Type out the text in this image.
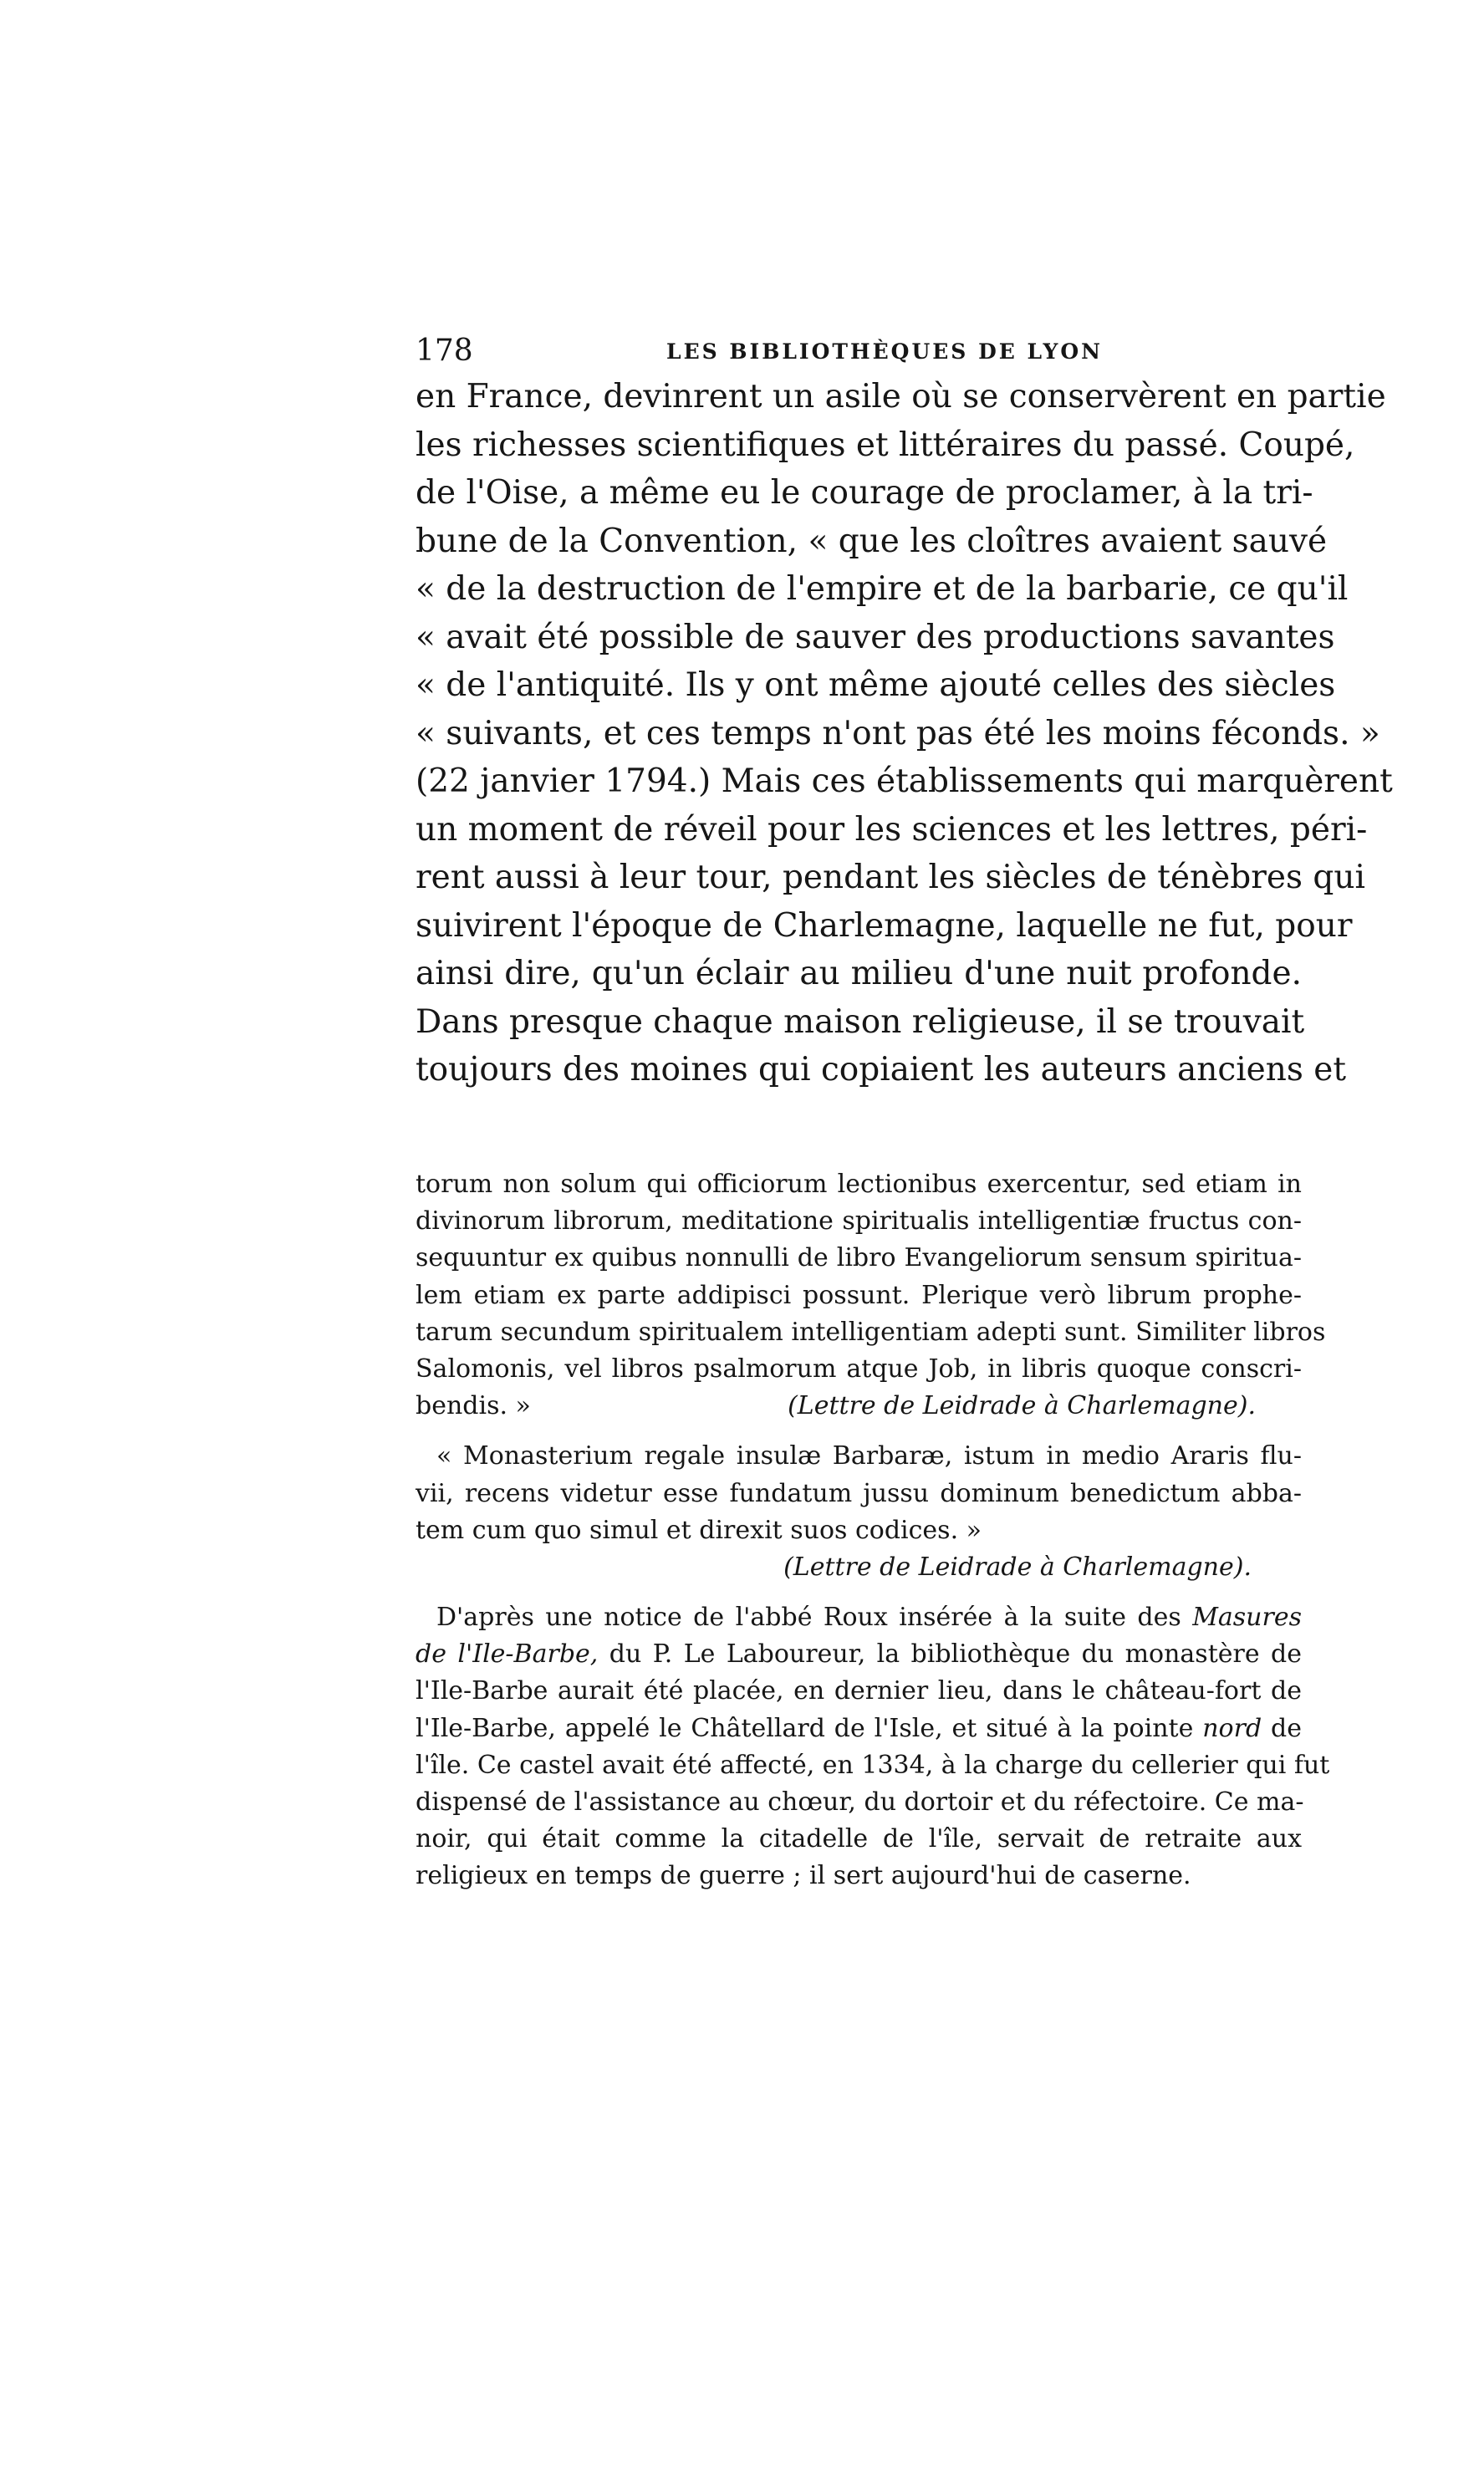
178	LES BIBLIOTHÈQUES DE LYON
en France, devinrent un asile où se conservèrent en partie
les richesses scientifiques et littéraires du passé. Coupé,
de l'Oise, a même eu le courage de proclamer, à la tri-
bune de la Convention, « que les cloîtres avaient sauvé
« de la destruction de l'empire et de la barbarie, ce qu'il
« avait été possible de sauver des productions savantes
« de l'antiquité. Ils y ont même ajouté celles des siècles
« suivants, et ces temps n'ont pas été les moins féconds. »
(22 janvier 1794.) Mais ces établissements qui marquèrent
un moment de réveil pour les sciences et les lettres, péri-
rent aussi à leur tour, pendant les siècles de ténèbres qui
suivirent l'époque de Charlemagne, laquelle ne fut, pour
ainsi dire, qu'un éclair au milieu d'une nuit profonde.
Dans presque chaque maison religieuse, il se trouvait
toujours des moines qui copiaient les auteurs anciens et
torum non solum qui officiorum lectionibus exercentur, sed etiam in
divinorum librorum, meditatione spiritualis intelligentiæ fructus con-
sequuntur ex quibus nonnulli de libro Evangeliorum sensum spiritua-
lem etiam ex parte addipisci possunt. Plerique verò librum prophe-
tarum secundum spiritualem intelligentiam adepti sunt. Similiter libros
Salomonis, vel libros psalmorum atque Job, in libris quoque conscri-
bendis. »	(Lettre de Leidrade à Charlemagne).
« Monasterium regale insulæ Barbaræ, istum in medio Araris flu-
vii, recens videtur esse fundatum jussu dominum benedictum abba-
tem cum quo simul et direxit suos codices. »
(Lettre de Leidrade à Charlemagne).
D'après une notice de l'abbé Roux insérée à la suite des Masures
de l'Ile-Barbe, du P. Le Laboureur, la bibliothèque du monastère de
l'Ile-Barbe aurait été placée, en dernier lieu, dans le château-fort de
l'Ile-Barbe, appelé le Châtellard de l'Isle, et situé à la pointe nord de
l'île. Ce castel avait été affecté, en 1334, à la charge du cellerier qui fut
dispensé de l'assistance au chœur, du dortoir et du réfectoire. Ce ma-
noir, qui était comme la citadelle de l'île, servait de retraite aux
religieux en temps de guerre ; il sert aujourd'hui de caserne.
